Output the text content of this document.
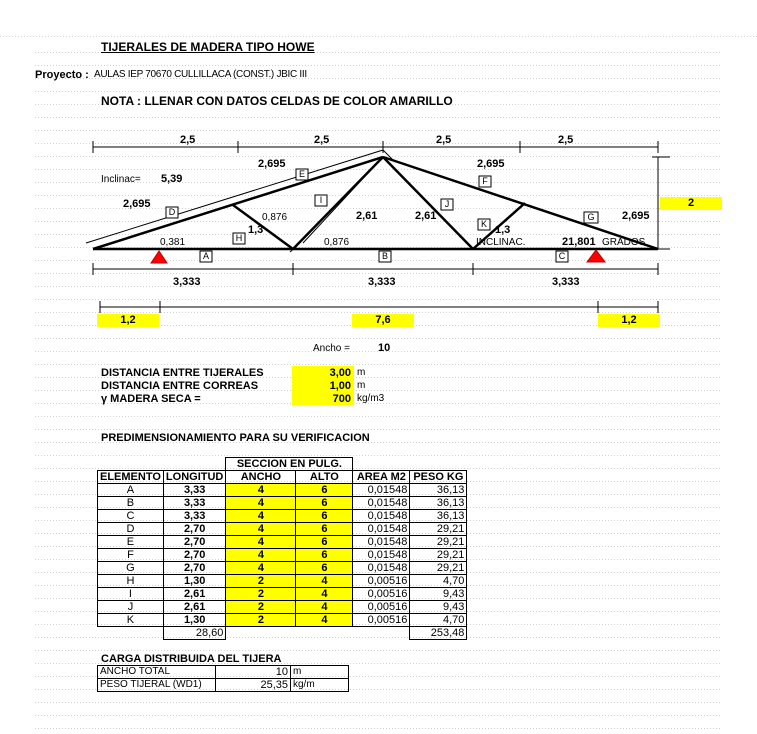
TIJERALES DE MADERA TIPO HOWE
Proyecto : AULAS IEP 70670 CULLILLACA (CONST.) JBIC III
NOTA : LLENAR CON DATOS CELDAS DE COLOR AMARILLO
2,5	2,5	2,5	2,5
Inclinac= 5,39
2,695	2,695
2,695
2,695
2
0,876
1,3
2,61	2,61
1,3
0,381	0,876	INCLINAC.	21,801 GRADOS
A	B	C
D
E
F
G
H
I	J
K
3,333	3,333	3,333
1,2	7,6	1,2
Ancho =	10
DISTANCIA ENTRE TIJERALES	3,00 m
DISTANCIA ENTRE CORREAS	1,00 m
γ MADERA SECA =	700 kg/m3
PREDIMENSIONAMIENTO PARA SU VERIFICACION
		SECCION EN PULG.			
ELEMENTO	LONGITUD	ANCHO	ALTO	AREA M2	PESO KG
A	3,33	4	6	0,01548	36,13
B	3,33	4	6	0,01548	36,13
C	3,33	4	6	0,01548	36,13
D	2,70	4	6	0,01548	29,21
E	2,70	4	6	0,01548	29,21
F	2,70	4	6	0,01548	29,21
G	2,70	4	6	0,01548	29,21
H	1,30	2	4	0,00516	4,70
I	2,61	2	4	0,00516	9,43
J	2,61	2	4	0,00516	9,43
K	1,30	2	4	0,00516	4,70
	28,60				253,48
CARGA DISTRIBUIDA DEL TIJERA
ANCHO TOTAL	10	m
PESO TIJERAL (WD1)	25,35	kg/m
